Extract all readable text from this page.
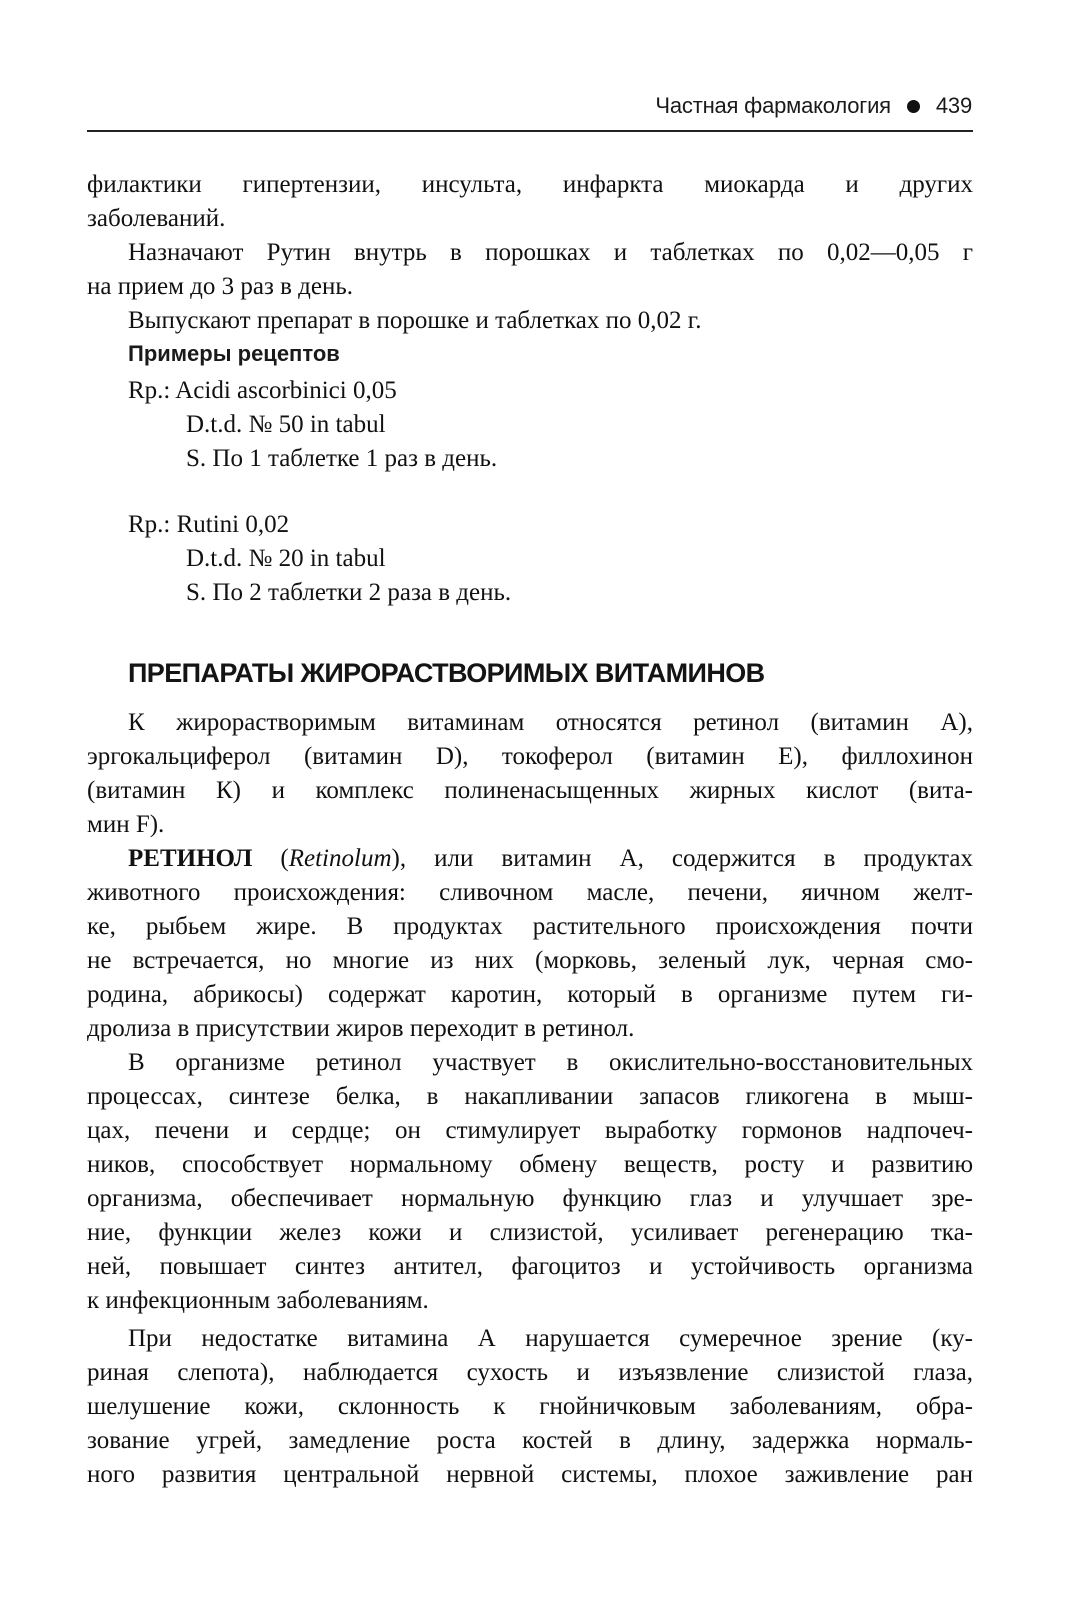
Частная фармакология 439
филактики гипертензии, инсульта, инфаркта миокарда и других
заболеваний.
Назначают Рутин внутрь в порошках и таблетках по 0,02—0,05 г
на прием до 3 раз в день.
Выпускают препарат в порошке и таблетках по 0,02 г.
Примеры рецептов
Rp.: Acidi ascorbinici 0,05
D.t.d. № 50 in tabul
S. По 1 таблетке 1 раз в день.
Rp.: Rutini 0,02
D.t.d. № 20 in tabul
S. По 2 таблетки 2 раза в день.
ПРЕПАРАТЫ ЖИРОРАСТВОРИМЫХ ВИТАМИНОВ
К жирорастворимым витаминам относятся ретинол (витамин А),
эргокальциферол (витамин D), токоферол (витамин Е), филлохинон
(витамин К) и комплекс полиненасыщенных жирных кислот (вита-
мин F).
РЕТИНОЛ (Retinolum), или витамин А, содержится в продуктах
животного происхождения: сливочном масле, печени, яичном желт-
ке, рыбьем жире. В продуктах растительного происхождения почти
не встречается, но многие из них (морковь, зеленый лук, черная смо-
родина, абрикосы) содержат каротин, который в организме путем ги-
дролиза в присутствии жиров переходит в ретинол.
В организме ретинол участвует в окислительно-восстановительных
процессах, синтезе белка, в накапливании запасов гликогена в мыш-
цах, печени и сердце; он стимулирует выработку гормонов надпочеч-
ников, способствует нормальному обмену веществ, росту и развитию
организма, обеспечивает нормальную функцию глаз и улучшает зре-
ние, функции желез кожи и слизистой, усиливает регенерацию тка-
ней, повышает синтез антител, фагоцитоз и устойчивость организма
к инфекционным заболеваниям.
При недостатке витамина А нарушается сумеречное зрение (ку-
риная слепота), наблюдается сухость и изъязвление слизистой глаза,
шелушение кожи, склонность к гнойничковым заболеваниям, обра-
зование угрей, замедление роста костей в длину, задержка нормаль-
ного развития центральной нервной системы, плохое заживление ран
